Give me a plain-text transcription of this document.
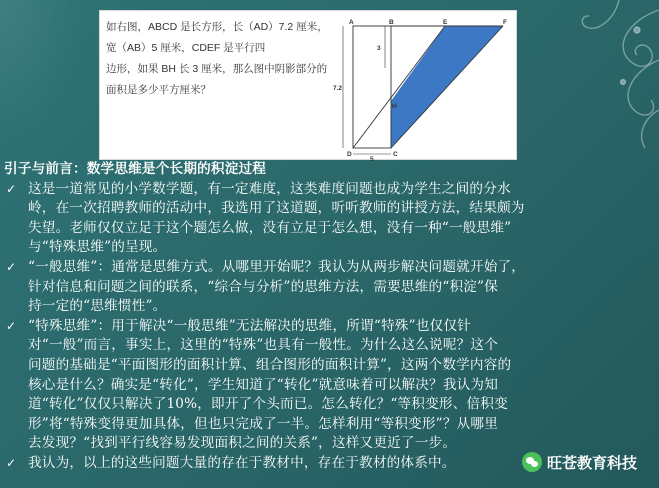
如右图，ABCD 是长方形，长（AD）7.2 厘米，宽（AB）5 厘米，CDEF 是平行四
边形，如果 BH 长 3 厘米，那么图中阴影部分的
面积是多少平方厘米？
A	B	E	F
D	C
H
7.2
3
5

引子与前言：数学思维是个长期的积淀过程

✓ 这是一道常见的小学数学题，有一定难度，这类难度问题也成为学生之间的分水
岭，在一次招聘教师的活动中，我选用了这道题，听听教师的讲授方法，结果颇为
失望。老师仅仅立足于这个题怎么做，没有立足于怎么想，没有一种“一般思维”
与“特殊思维”的呈现。
✓ “一般思维”：通常是思维方式。从哪里开始呢？我认为从两步解决问题就开始了，
针对信息和问题之间的联系，“综合与分析”的思维方法，需要思维的“积淀”保
持一定的“思维惯性”。
✓ “特殊思维”：用于解决“一般思维”无法解决的思维，所谓“特殊”也仅仅针
对“一般”而言，事实上，这里的“特殊”也具有一般性。为什么这么说呢？这个
问题的基础是“平面图形的面积计算、组合图形的面积计算”，这两个数学内容的
核心是什么？确实是“转化”，学生知道了“转化”就意味着可以解决？我认为知
道“转化”仅仅只解决了10%，即开了个头而已。怎么转化？“等积变形、倍积变
形”将“特殊变得更加具体，但也只完成了一半。怎样利用“等积变形”？从哪里
去发现？“找到平行线容易发现面积之间的关系”，这样又更近了一步。
✓ 我认为，以上的这些问题大量的存在于教材中，存在于教材的体系中。	旺苍教育科技
